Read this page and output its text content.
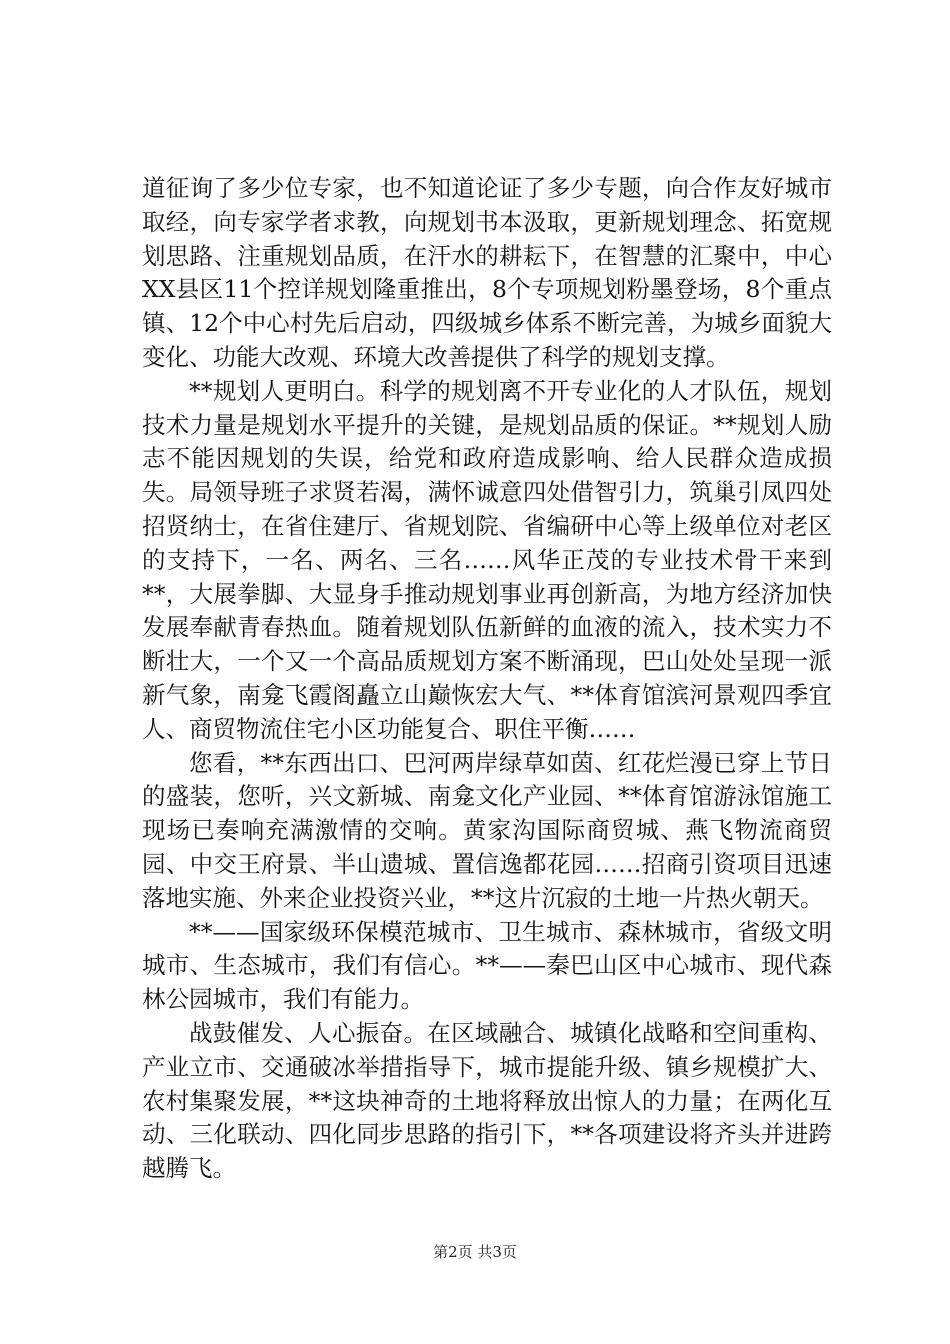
道征询了多少位专家，也不知道论证了多少专题，向合作友好城市取经，向专家学者求教，向规划书本汲取，更新规划理念、拓宽规划思路、注重规划品质，在汗水的耕耘下，在智慧的汇聚中，中心XX县区11个控详规划隆重推出，8个专项规划粉墨登场，8个重点镇、12个中心村先后启动，四级城乡体系不断完善，为城乡面貌大变化、功能大改观、环境大改善提供了科学的规划支撑。

**规划人更明白。科学的规划离不开专业化的人才队伍，规划技术力量是规划水平提升的关键，是规划品质的保证。**规划人励志不能因规划的失误，给党和政府造成影响、给人民群众造成损失。局领导班子求贤若渴，满怀诚意四处借智引力，筑巢引凤四处招贤纳士，在省住建厅、省规划院、省编研中心等上级单位对老区的支持下，一名、两名、三名……风华正茂的专业技术骨干来到**，大展拳脚、大显身手推动规划事业再创新高，为地方经济加快发展奉献青春热血。随着规划队伍新鲜的血液的流入，技术实力不断壮大，一个又一个高品质规划方案不断涌现，巴山处处呈现一派新气象，南龛飞霞阁矗立山巅恢宏大气、**体育馆滨河景观四季宜人、商贸物流住宅小区功能复合、职住平衡……

您看，**东西出口、巴河两岸绿草如茵、红花烂漫已穿上节日的盛装，您听，兴文新城、南龛文化产业园、**体育馆游泳馆施工现场已奏响充满激情的交响。黄家沟国际商贸城、燕飞物流商贸园、中交王府景、半山遗城、置信逸都花园……招商引资项目迅速落地实施、外来企业投资兴业，**这片沉寂的土地一片热火朝天。

**——国家级环保模范城市、卫生城市、森林城市，省级文明城市、生态城市，我们有信心。**——秦巴山区中心城市、现代森林公园城市，我们有能力。

战鼓催发、人心振奋。在区域融合、城镇化战略和空间重构、产业立市、交通破冰举措指导下，城市提能升级、镇乡规模扩大、农村集聚发展，**这块神奇的土地将释放出惊人的力量；在两化互动、三化联动、四化同步思路的指引下，**各项建设将齐头并进跨越腾飞。

第2页 共3页
